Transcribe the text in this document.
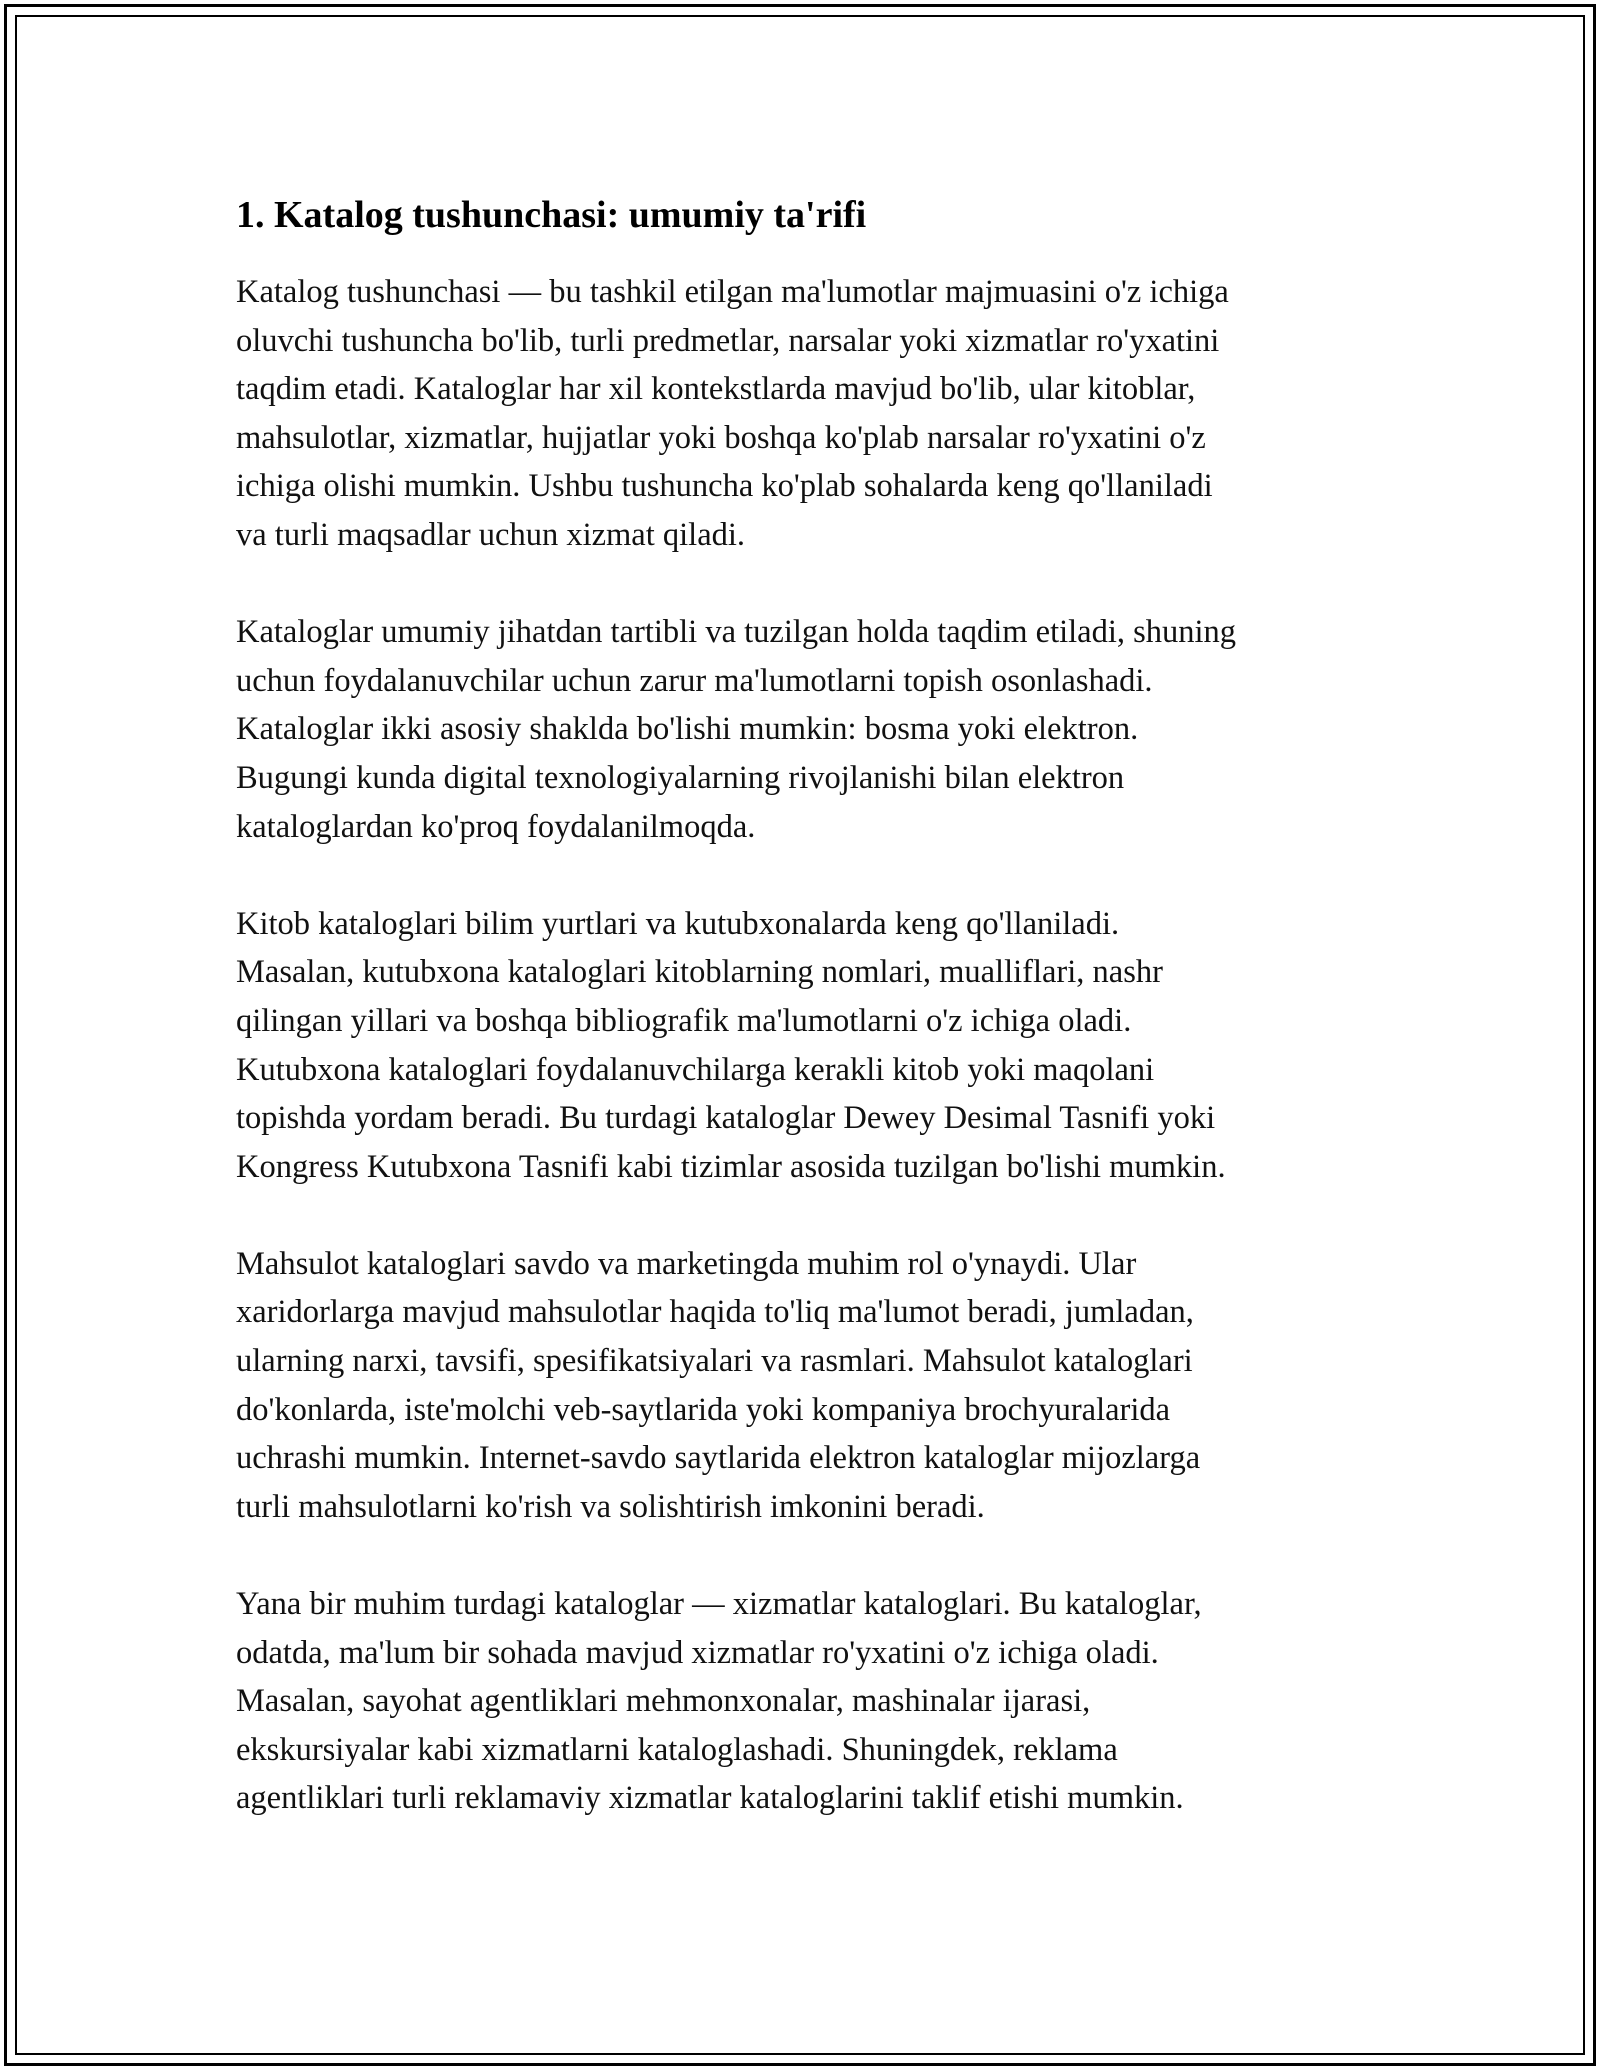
1. Katalog tushunchasi: umumiy ta'rifi

Katalog tushunchasi — bu tashkil etilgan ma'lumotlar majmuasini o'z ichiga
oluvchi tushuncha bo'lib, turli predmetlar, narsalar yoki xizmatlar ro'yxatini
taqdim etadi. Kataloglar har xil kontekstlarda mavjud bo'lib, ular kitoblar,
mahsulotlar, xizmatlar, hujjatlar yoki boshqa ko'plab narsalar ro'yxatini o'z
ichiga olishi mumkin. Ushbu tushuncha ko'plab sohalarda keng qo'llaniladi
va turli maqsadlar uchun xizmat qiladi.

Kataloglar umumiy jihatdan tartibli va tuzilgan holda taqdim etiladi, shuning
uchun foydalanuvchilar uchun zarur ma'lumotlarni topish osonlashadi.
Kataloglar ikki asosiy shaklda bo'lishi mumkin: bosma yoki elektron.
Bugungi kunda digital texnologiyalarning rivojlanishi bilan elektron
kataloglardan ko'proq foydalanilmoqda.

Kitob kataloglari bilim yurtlari va kutubxonalarda keng qo'llaniladi.
Masalan, kutubxona kataloglari kitoblarning nomlari, mualliflari, nashr
qilingan yillari va boshqa bibliografik ma'lumotlarni o'z ichiga oladi.
Kutubxona kataloglari foydalanuvchilarga kerakli kitob yoki maqolani
topishda yordam beradi. Bu turdagi kataloglar Dewey Desimal Tasnifi yoki
Kongress Kutubxona Tasnifi kabi tizimlar asosida tuzilgan bo'lishi mumkin.

Mahsulot kataloglari savdo va marketingda muhim rol o'ynaydi. Ular
xaridorlarga mavjud mahsulotlar haqida to'liq ma'lumot beradi, jumladan,
ularning narxi, tavsifi, spesifikatsiyalari va rasmlari. Mahsulot kataloglari
do'konlarda, iste'molchi veb-saytlarida yoki kompaniya brochyuralarida
uchrashi mumkin. Internet-savdo saytlarida elektron kataloglar mijozlarga
turli mahsulotlarni ko'rish va solishtirish imkonini beradi.

Yana bir muhim turdagi kataloglar — xizmatlar kataloglari. Bu kataloglar,
odatda, ma'lum bir sohada mavjud xizmatlar ro'yxatini o'z ichiga oladi.
Masalan, sayohat agentliklari mehmonxonalar, mashinalar ijarasi,
ekskursiyalar kabi xizmatlarni kataloglashadi. Shuningdek, reklama
agentliklari turli reklamaviy xizmatlar kataloglarini taklif etishi mumkin.
